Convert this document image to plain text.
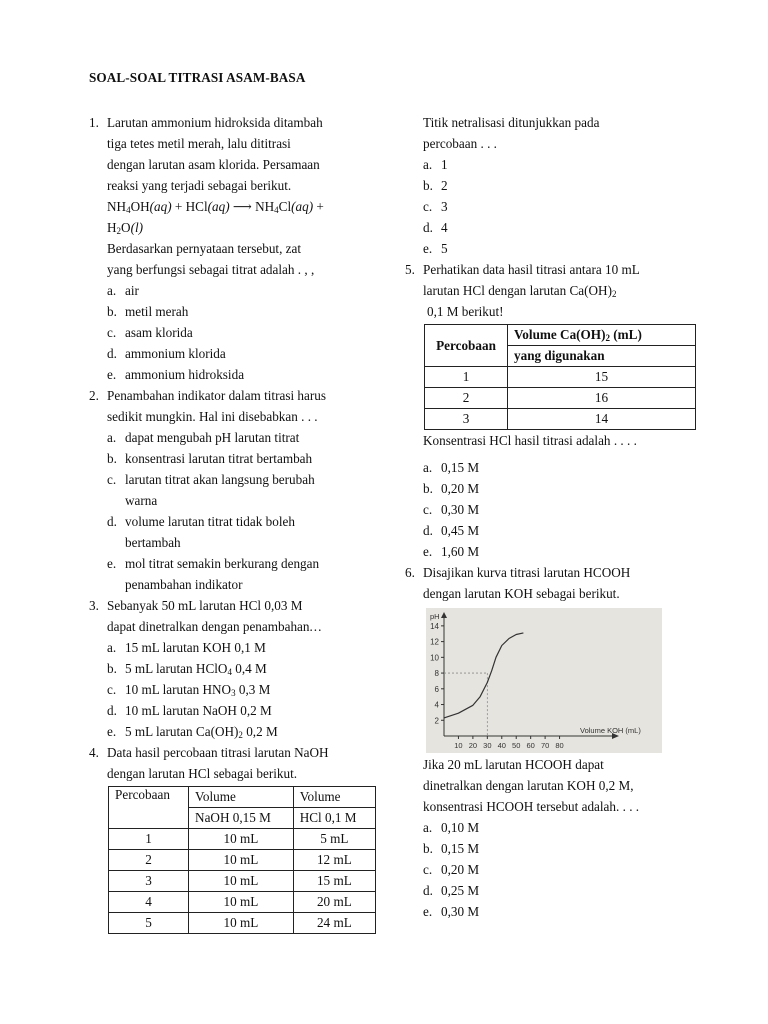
SOAL-SOAL TITRASI ASAM-BASA
1. Larutan ammonium hidroksida ditambah
tiga tetes metil merah, lalu dititrasi
dengan larutan asam klorida. Persamaan
reaksi yang terjadi sebagai berikut.
$NH_4OH(aq) + HCl(aq)$ ⟶ $NH_4Cl(aq)$ +
$H_2O(l)$
Berdasarkan pernyataan tersebut, zat
yang berfungsi sebagai titrat adalah . , ,
a. air
b. metil merah
c. asam klorida
d. ammonium klorida
e. ammonium hidroksida
2. Penambahan indikator dalam titrasi harus
sedikit mungkin. Hal ini disebabkan . . .
a. dapat mengubah pH larutan titrat
b. konsentrasi larutan titrat bertambah
c. larutan titrat akan langsung berubah
warna
d. volume larutan titrat tidak boleh
bertambah
e. mol titrat semakin berkurang dengan
penambahan indikator
3. Sebanyak 50 mL larutan HCl 0,03 M
dapat dinetralkan dengan penambahan...
a. 15 mL larutan KOH 0,1 M
b. 5 mL larutan HClO$_4$ 0,4 M
c. 10 mL larutan $HNO_3$ 0,3 M
d. 10 mL larutan NaOH 0,2 M
e. 5 mL larutan $Ca(OH)_2$ 0,2 M
4. Data hasil percobaan titrasi larutan NaOH
dengan larutan HCl sebagai berikut.
Percobaan	Volume	Volume
	NaOH 0,15 M	HCl 0,1 M
1	10 mL	5 mL
2	10 mL	12 mL
3	10 mL	15 mL
4	10 mL	20 mL
5	10 mL	24 mL
Titik netralisasi ditunjukkan pada
percobaan . . .
a. 1
b. 2
c. 3
d. 4
e. 5
5. Perhatikan data hasil titrasi antara 10 mL
larutan HCl dengan larutan $Ca(OH)_2$
0,1 M berikut!
Percobaan	Volume $Ca(OH)_2$ (mL)
	yang digunakan
1	15
2	16
3	14
Konsentrasi HCl hasil titrasi adalah . . . .
a. 0,15 M
b. 0,20 M
c. 0,30 M
d. 0,45 M
e. 1,60 M
6. Disajikan kurva titrasi larutan HCOOH
dengan larutan KOH sebagai berikut.
2
4
6
8
10
12
14
10 20 30 40 50 60 70 80
pH
Volume KOH (mL)
Jika 20 mL larutan HCOOH dapat
dinetralkan dengan larutan KOH 0,2 M,
konsentrasi HCOOH tersebut adalah. . . .
a. 0,10 M
b. 0,15 M
c. 0,20 M
d. 0,25 M
e. 0,30 M
